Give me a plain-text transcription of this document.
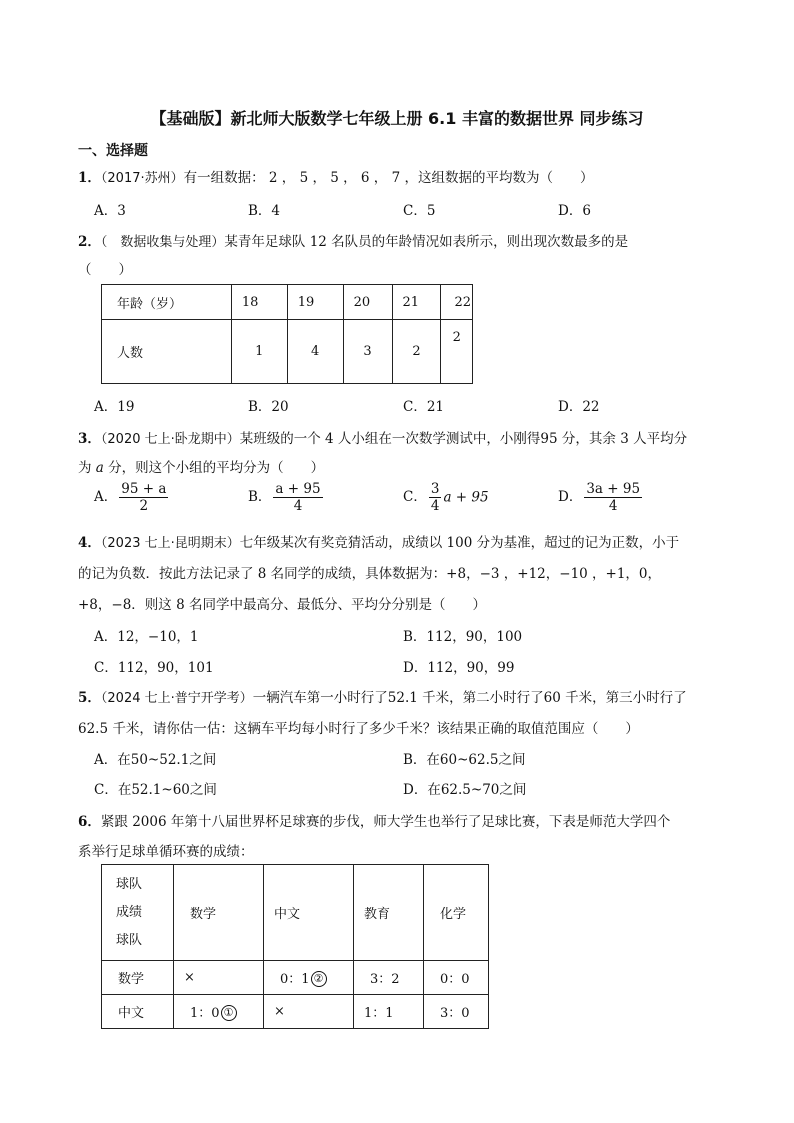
【基础版】新北师大版数学七年级上册 6.1 丰富的数据世界 同步练习
一、选择题
1．（2017·苏州）有一组数据： 2 ， 5 ， 5 ， 6 ， 7 ，这组数据的平均数为（　　）
A．3	B．4	C．5	D．6
2．（　数据收集与处理）某青年足球队 12 名队员的年龄情况如表所示，则出现次数最多的是
（　　）
年龄（岁）	18	19	20	21	22
人数	1	4	3	2	2
A．19	B．20	C．21	D．22
3．（2020 七上·卧龙期中）某班级的一个 4 人小组在一次数学测试中，小刚得95 分，其余 3 人平均分
为 a 分，则这个小组的平均分为（　　）
A． $\frac{95 + a}{2}$	B． $\frac{a + 95}{4}$	C． $\frac{3}{4}$ a + 95	D． $\frac{3a + 95}{4}$
4．（2023 七上·昆明期末）七年级某次有奖竞猜活动，成绩以 100 分为基准，超过的记为正数，小于
的记为负数．按此方法记录了 8 名同学的成绩，具体数据为：+8，−3 ，+12，−10 ，+1，0，
+8，−8．则这 8 名同学中最高分、最低分、平均分分别是（　　）
A．12，−10，1	B．112，90，100
C．112，90，101	D．112，90，99
5．（2024 七上·普宁开学考）一辆汽车第一小时行了52.1 千米，第二小时行了60 千米，第三小时行了
62.5 千米，请你估一估：这辆车平均每小时行了多少千米？该结果正确的取值范围应（　　）
A．在50~52.1之间	B．在60~62.5之间
C．在52.1~60之间	D．在62.5~70之间
6．紧跟 2006 年第十八届世界杯足球赛的步伐，师大学生也举行了足球比赛，下表是师范大学四个
系举行足球单循环赛的成绩：
球队
成绩
球队	数学	中文	教育	化学
数学	×	0：1 ②	3：2	0：0
中文	1：0 ①	×	1：1	3：0
